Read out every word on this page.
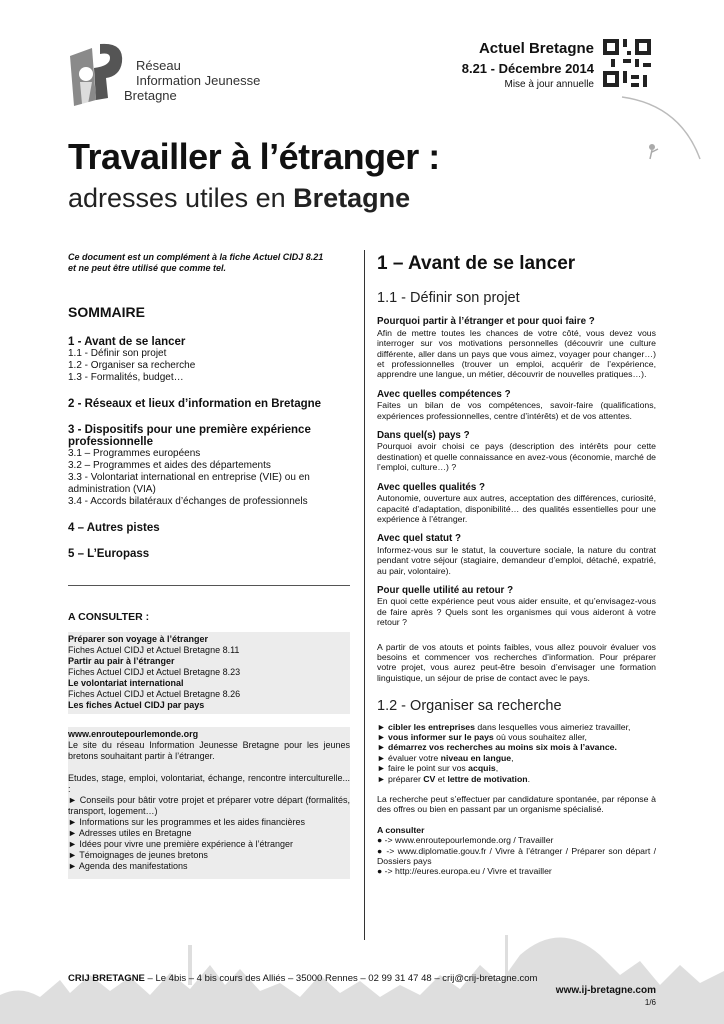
Réseau
Information Jeunesse
Bretagne
Actuel Bretagne
8.21 - Décembre 2014
Mise à jour annuelle
Travailler à l’étranger :
adresses utiles en Bretagne
Ce document est un complément à la fiche Actuel CIDJ 8.21
et ne peut être utilisé que comme tel.
SOMMAIRE
1 - Avant de se lancer
1.1 - Définir son projet
1.2 - Organiser sa recherche
1.3 - Formalités, budget…
2 - Réseaux et lieux d’information en Bretagne
3 - Dispositifs pour une première expérience
professionnelle
3.1 – Programmes européens
3.2 – Programmes et aides des départements
3.3 - Volontariat international en entreprise (VIE) ou en
administration (VIA)
3.4 - Accords bilatéraux d’échanges de professionnels
4 – Autres pistes
5 – L’Europass
A CONSULTER :
Préparer son voyage à l’étranger
Fiches Actuel CIDJ et Actuel Bretagne 8.11
Partir au pair à l’étranger
Fiches Actuel CIDJ et Actuel Bretagne 8.23
Le volontariat international
Fiches Actuel CIDJ et Actuel Bretagne 8.26
Les fiches Actuel CIDJ par pays
www.enroutepourlemonde.org
Le site du réseau Information Jeunesse Bretagne pour les jeunes bretons souhaitant partir à l’étranger.
Etudes, stage, emploi, volontariat, échange, rencontre interculturelle... :
► Conseils pour bâtir votre projet et préparer votre départ (formalités, transport, logement…)
► Informations sur les programmes et les aides financières
► Adresses utiles en Bretagne
► Idées pour vivre une première expérience à l’étranger
► Témoignages de jeunes bretons
► Agenda des manifestations
1 – Avant de se lancer
1.1 - Définir son projet
Pourquoi partir à l’étranger et pour quoi faire ?
Afin de mettre toutes les chances de votre côté, vous devez vous interroger sur vos motivations personnelles (découvrir une culture différente, aller dans un pays que vous aimez, voyager pour changer…) et professionnelles (trouver un emploi, acquérir de l’expérience, apprendre une langue, un métier, découvrir de nouvelles pratiques…).
Avec quelles compétences ?
Faites un bilan de vos compétences, savoir-faire (qualifications, expériences professionnelles, centre d’intérêts) et de vos attentes.
Dans quel(s) pays ?
Pourquoi avoir choisi ce pays (description des intérêts pour cette destination) et quelle connaissance en avez-vous (économie, marché de l’emploi, culture…) ?
Avec quelles qualités ?
Autonomie, ouverture aux autres, acceptation des différences, curiosité, capacité d’adaptation, disponibilité… des qualités essentielles pour une expérience à l’étranger.
Avec quel statut ?
Informez-vous sur le statut, la couverture sociale, la nature du contrat pendant votre séjour (stagiaire, demandeur d’emploi, détaché, expatrié, au pair, volontaire).
Pour quelle utilité au retour ?
En quoi cette expérience peut vous aider ensuite, et qu’envisagez-vous de faire après ? Quels sont les organismes qui vous aideront à votre retour ?
A partir de vos atouts et points faibles, vous allez pouvoir évaluer vos besoins et commencer vos recherches d’information. Pour préparer votre projet, vous aurez peut-être besoin d’envisager une formation linguistique, un séjour de prise de contact avec le pays.
1.2 - Organiser sa recherche
► cibler les entreprises dans lesquelles vous aimeriez travailler,
► vous informer sur le pays où vous souhaitez aller,
► démarrez vos recherches au moins six mois à l’avance.
► évaluer votre niveau en langue,
► faire le point sur vos acquis,
► préparer CV et lettre de motivation.
La recherche peut s’effectuer par candidature spontanée, par réponse à des offres ou bien en passant par un organisme spécialisé.
A consulter
● -> www.enroutepourlemonde.org / Travailler
● -> www.diplomatie.gouv.fr / Vivre à l’étranger / Préparer son départ / Dossiers pays
● -> http://eures.europa.eu / Vivre et travailler
CRIJ BRETAGNE – Le 4bis – 4 bis cours des Alliés – 35000 Rennes – 02 99 31 47 48 – crij@crij-bretagne.com
www.ij-bretagne.com
1/6
